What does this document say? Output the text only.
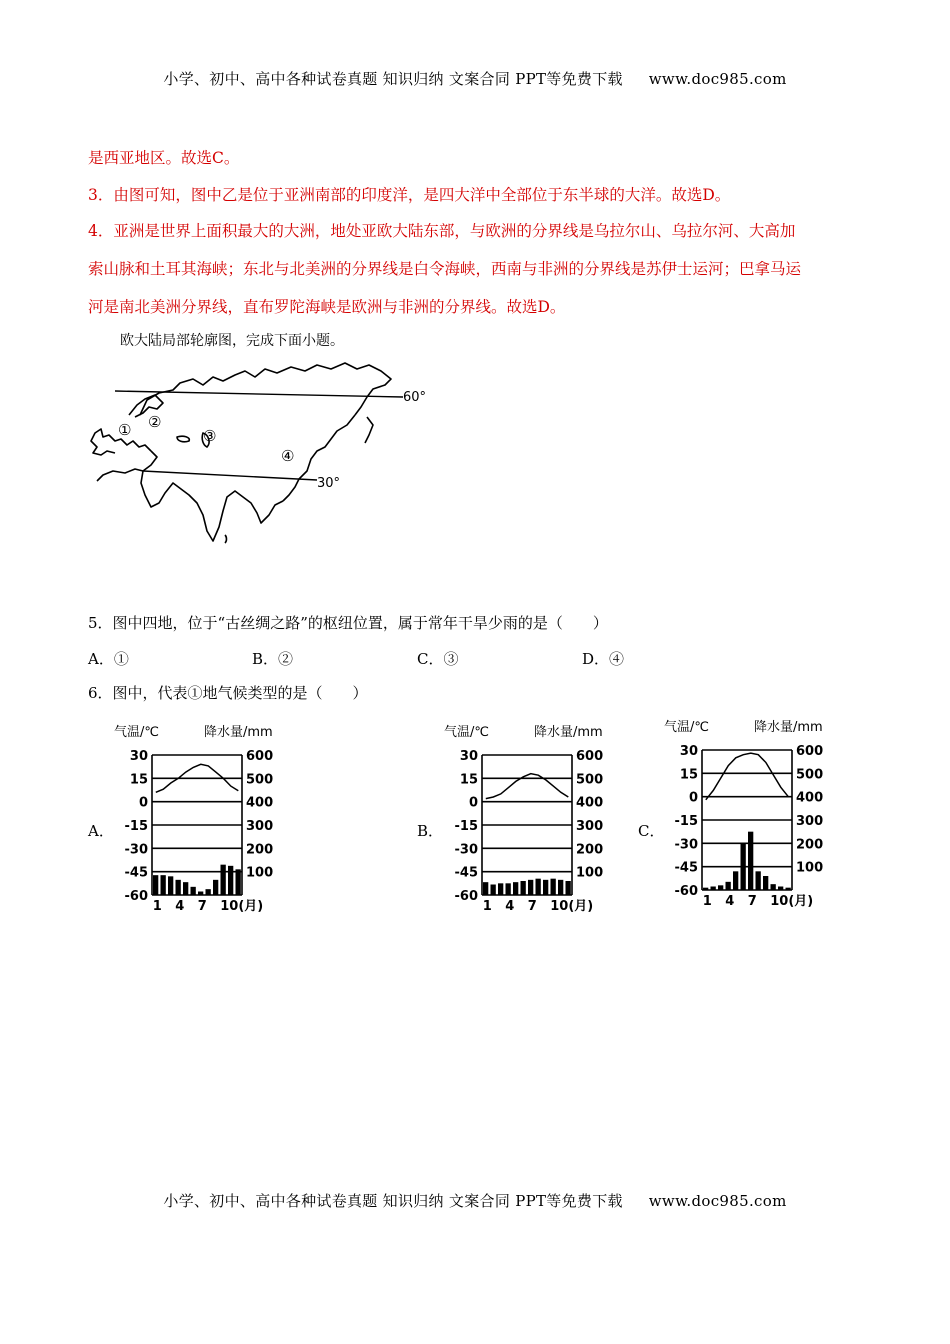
小学、初中、高中各种试卷真题 知识归纳 文案合同 PPT等免费下载 www.doc985.com
是西亚地区。故选C。
3．由图可知，图中乙是位于亚洲南部的印度洋，是四大洋中全部位于东半球的大洋。故选D。
4．亚洲是世界上面积最大的大洲，地处亚欧大陆东部，与欧洲的分界线是乌拉尔山、乌拉尔河、大高加
索山脉和土耳其海峡；东北与北美洲的分界线是白令海峡，西南与非洲的分界线是苏伊士运河；巴拿马运
河是南北美洲分界线，直布罗陀海峡是欧洲与非洲的分界线。故选D。
欧大陆局部轮廓图，完成下面小题。
60°
30°
① ②
③
④
5．图中四地，位于“古丝绸之路”的枢纽位置，属于常年干旱少雨的是（　　）
A．①	B．②	C．③	D．④
6．图中，代表①地气候类型的是（　　）
A．
气温/℃	降水量/mm
30
15
0
-15
-30
-45
-60
600
500
400
300
200
100
1 4 7 10(月)
B．
气温/℃	降水量/mm
30
15
0
-15
-30
-45
-60
600
500
400
300
200
100
1 4 7 10(月)
C．
气温/℃	降水量/mm
30
15
0
-15
-30
-45
-60
600
500
400
300
200
100
1 4 7 10(月)
小学、初中、高中各种试卷真题 知识归纳 文案合同 PPT等免费下载 www.doc985.com
